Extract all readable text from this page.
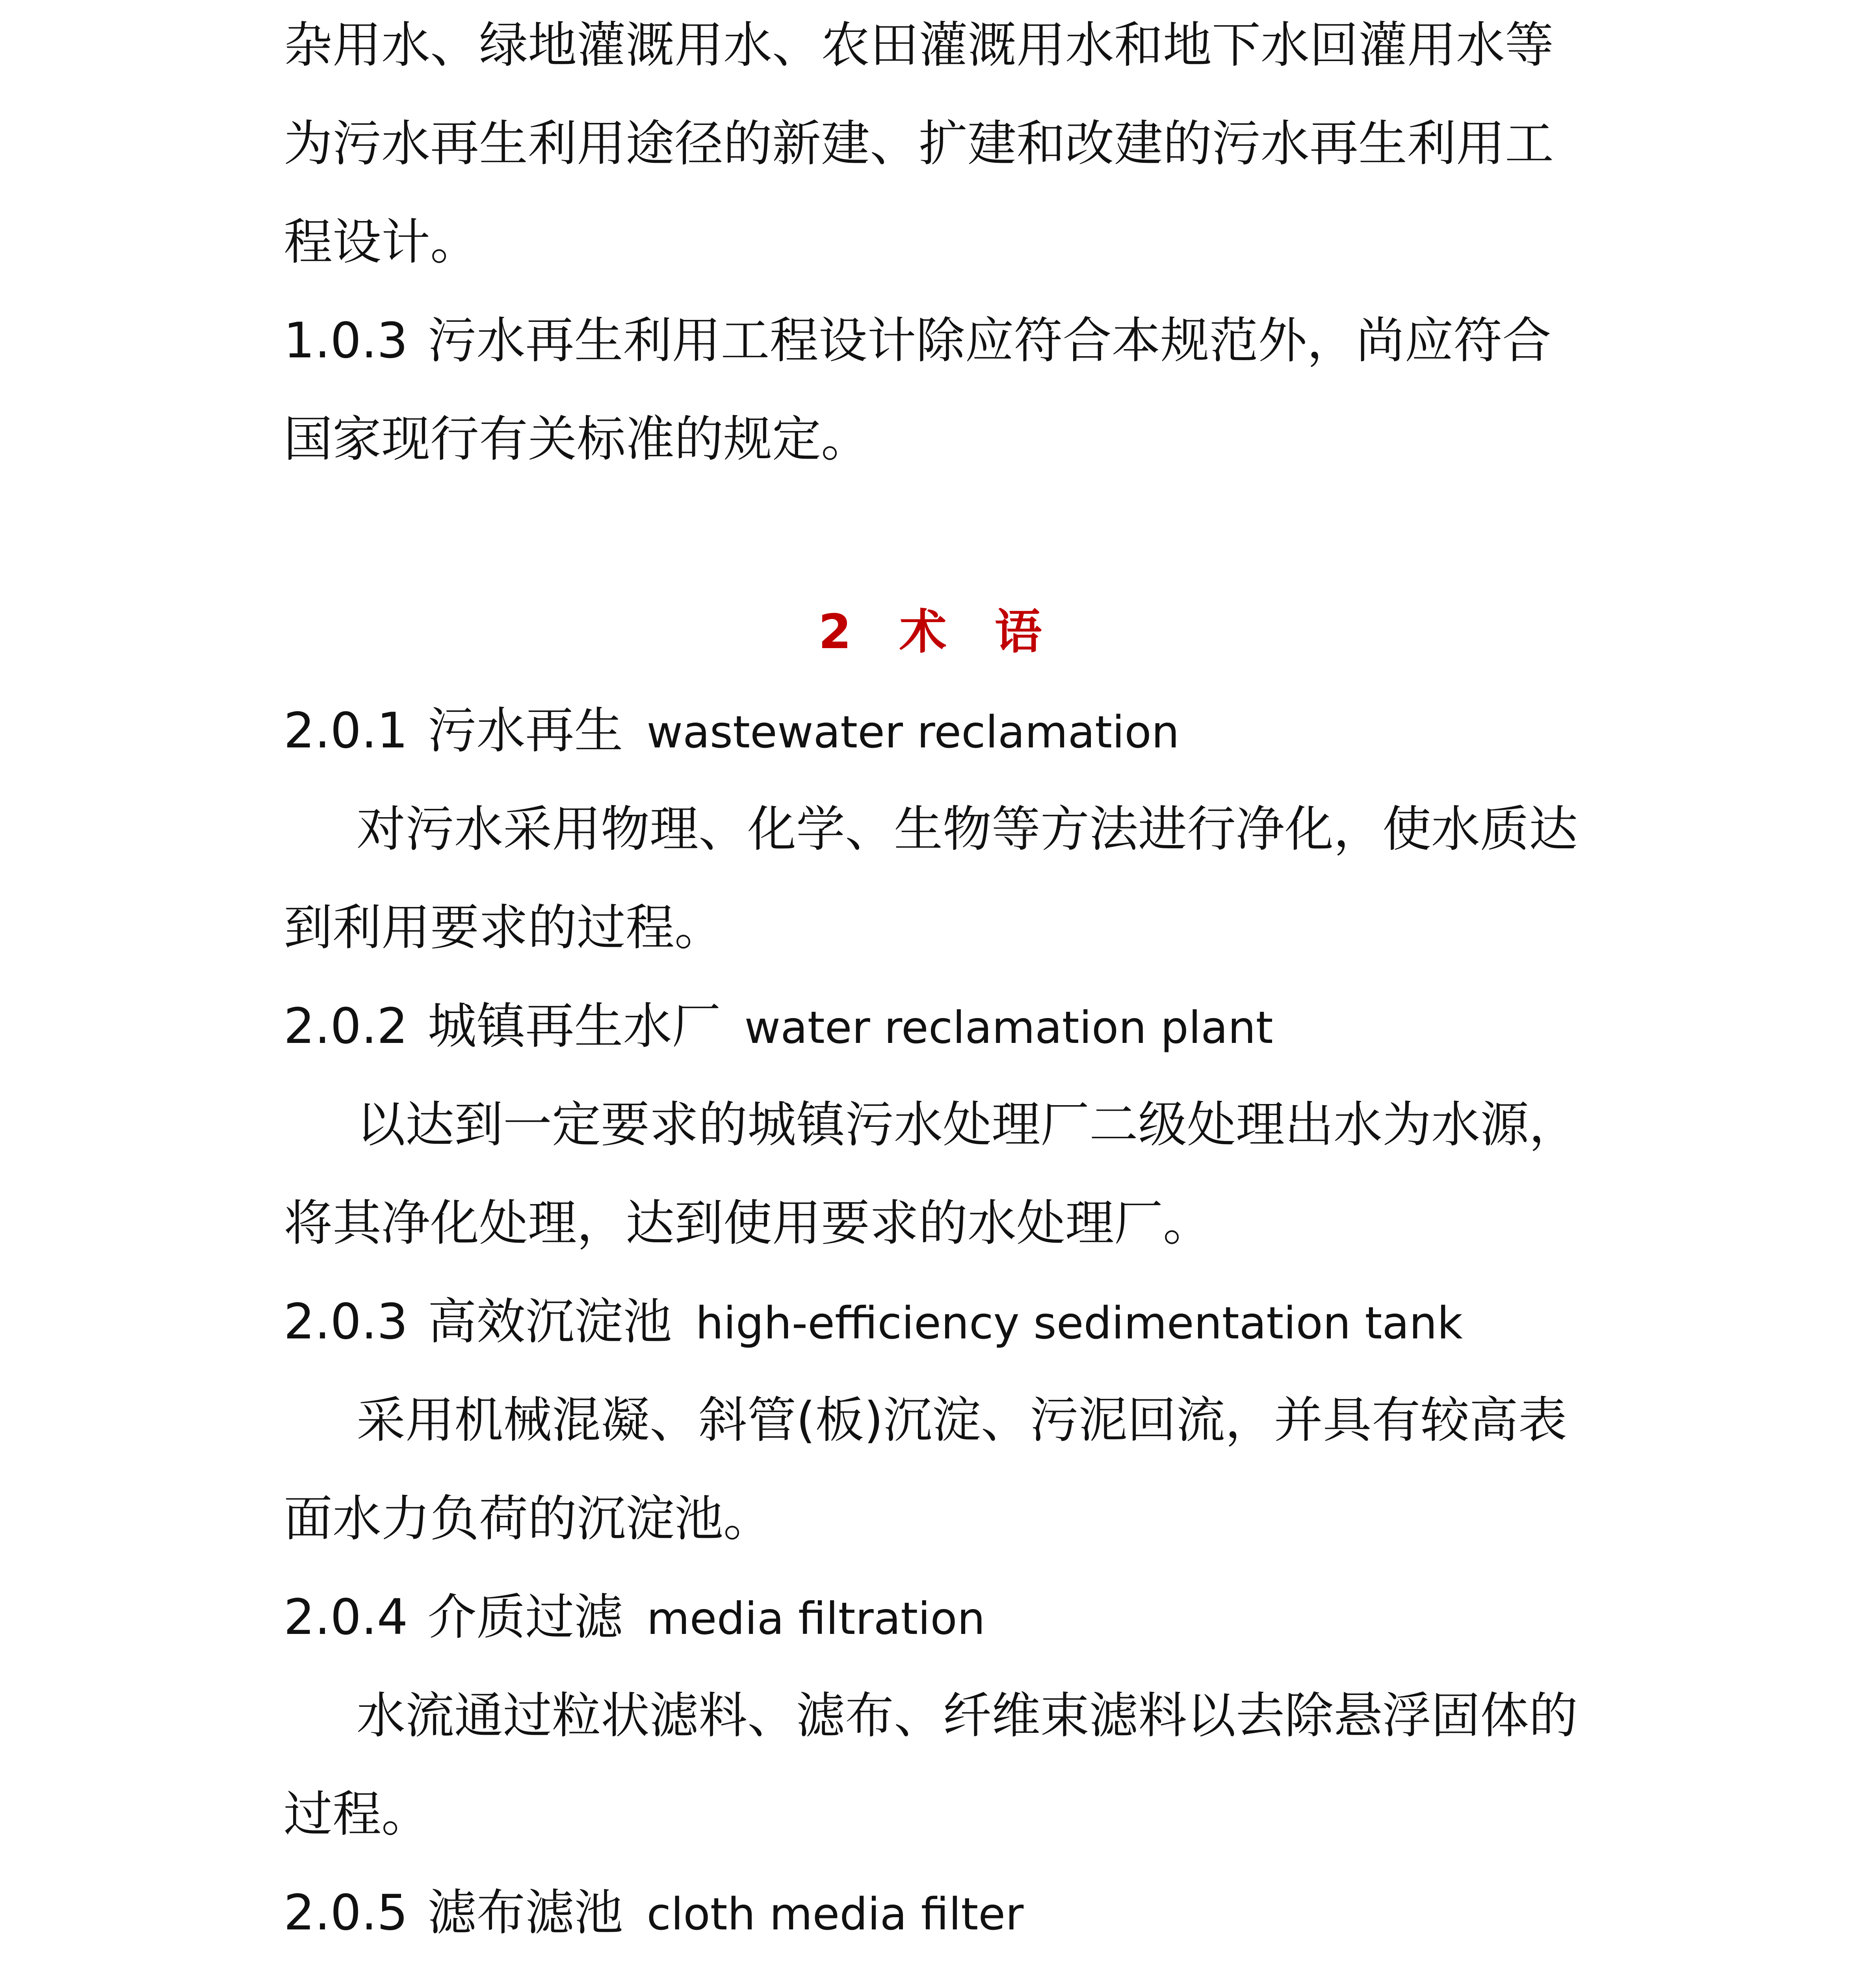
杂用水、绿地灌溉用水、农田灌溉用水和地下水回灌用水等
为污水再生利用途径的新建、扩建和改建的污水再生利用工
程设计。
1.0.3 污水再生利用工程设计除应符合本规范外，尚应符合
国家现行有关标准的规定。
2 术 语
2.0.1 污水再生 wastewater reclamation
对污水采用物理、化学、生物等方法进行净化，使水质达
到利用要求的过程。
2.0.2 城镇再生水厂 water reclamation plant
以达到一定要求的城镇污水处理厂二级处理出水为水源，
将其净化处理，达到使用要求的水处理厂。
2.0.3 高效沉淀池 high-efficiency sedimentation tank
采用机械混凝、斜管(板)沉淀、污泥回流，并具有较高表
面水力负荷的沉淀池。
2.0.4 介质过滤 media filtration
水流通过粒状滤料、滤布、纤维束滤料以去除悬浮固体的
过程。
2.0.5 滤布滤池 cloth media filter
